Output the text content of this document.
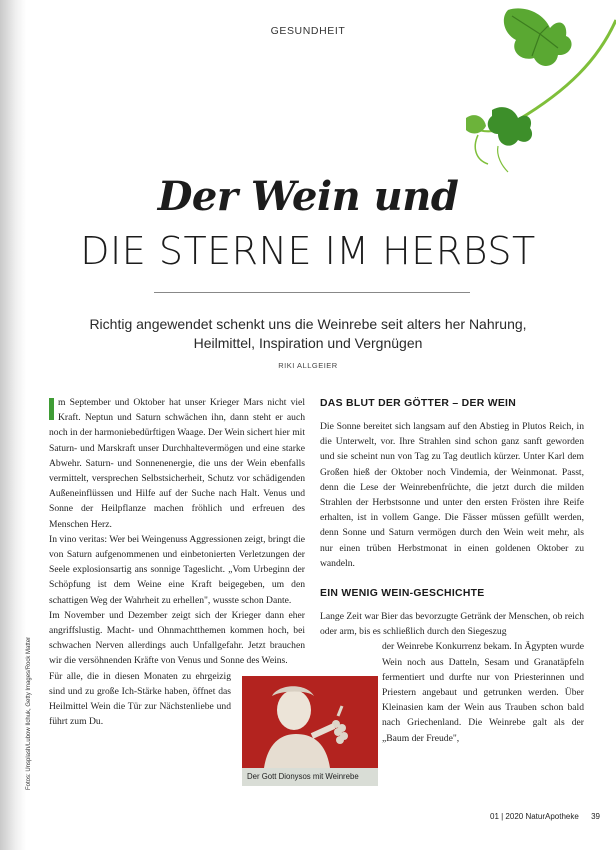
GESUNDHEIT
Der Wein und
DIE STERNE IM HERBST
Richtig angewendet schenkt uns die Weinrebe seit alters her Nahrung, Heilmittel, Inspiration und Vergnügen
RIKI ALLGEIER
Fotos: Unsplash/Lubow Ilchuk, Getty Images/Rock Matter

m September und Oktober hat unser Krieger Mars nicht viel Kraft. Neptun und Saturn schwächen ihn, dann steht er auch noch in der harmoniebedürftigen Waage. Der Wein sichert hier mit Saturn- und Marskraft unser Durchhaltevermögen und eine starke Abwehr. Saturn- und Sonnenenergie, die uns der Wein ebenfalls vermittelt, versprechen Selbstsicherheit, Schutz vor schädigenden Außeneinflüssen und Hilfe auf der Suche nach Halt. Venus und Sonne der Heilpflanze machen fröhlich und erfreuen des Menschen Herz.

In vino veritas: Wer bei Weingenuss Aggressionen zeigt, bringt die von Saturn aufgenommenen und einbetonierten Verletzungen der Seele explosionsartig ans sonnige Tageslicht. „Vom Urbeginn der Schöpfung ist dem Weine eine Kraft beigegeben, um den schattigen Weg der Wahrheit zu erhellen", wusste schon Dante.

Im November und Dezember zeigt sich der Krieger dann eher angriffslustig. Macht- und Ohnmachtthemen kommen hoch, bei schwachen Nerven allerdings auch Unfallgefahr. Jetzt brauchen wir die versöhnenden Kräfte von Venus und Sonne des Weins.

Für alle, die in diesen Monaten zu ehrgeizig sind und zu große Ich-Stärke haben, öffnet das Heilmittel Wein die Tür zur Nächstenliebe und führt zum Du.

DAS BLUT DER GÖTTER – DER WEIN

Die Sonne bereitet sich langsam auf den Abstieg in Plutos Reich, in die Unterwelt, vor. Ihre Strahlen sind schon ganz sanft geworden und sie scheint nun von Tag zu Tag deutlich kürzer. Unter Karl dem Großen hieß der Oktober noch Vindemia, der Weinmonat. Passt, denn die Lese der Weinrebenfrüchte, die jetzt durch die milden Strahlen der Herbstsonne und unter den ersten Frösten ihre Reife erhalten, ist in vollem Gange. Die Fässer müssen gefüllt werden, denn Sonne und Saturn vermögen durch den Wein weit mehr, als nur einen trüben Herbstmonat in einen goldenen Oktober zu wandeln.

EIN WENIG WEIN-GESCHICHTE

Lange Zeit war Bier das bevorzugte Getränk der Menschen, ob reich oder arm, bis es schließlich durch den Siegeszug

der Weinrebe Konkurrenz bekam. In Ägypten wurde Wein noch aus Datteln, Sesam und Granatäpfeln fermentiert und durfte nur von Priesterinnen und Priestern angebaut und getrunken werden. Über Kleinasien kam der Wein aus Trauben schon bald nach Griechenland. Die Weinrebe galt als der „Baum der Freude",

Der Gott Dionysos mit Weinrebe
01 | 2020 NaturApotheke 39
